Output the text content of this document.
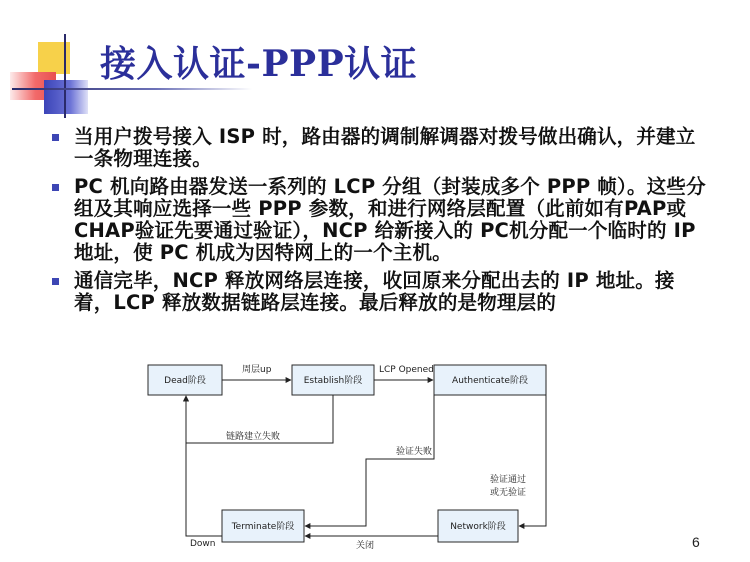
接入认证-PPP认证
当用户拨号接入 ISP 时，路由器的调制解调器对拨号做出确认，并建立一条物理连接。
PC 机向路由器发送一系列的 LCP 分组（封装成多个 PPP 帧）。这些分组及其响应选择一些 PPP 参数，和进行网络层配置（此前如有PAP或CHAP验证先要通过验证），NCP 给新接入的 PC机分配一个临时的 IP 地址，使 PC 机成为因特网上的一个主机。
通信完毕，NCP 释放网络层连接，收回原来分配出去的 IP 地址。接着，LCP 释放数据链路层连接。最后释放的是物理层的
Dead阶段	Establish阶段	Authenticate阶段
Terminate阶段	Network阶段
周层up	LCP Opened
链路建立失败
验证失败
验证通过
或无验证
关闭
Down	6
